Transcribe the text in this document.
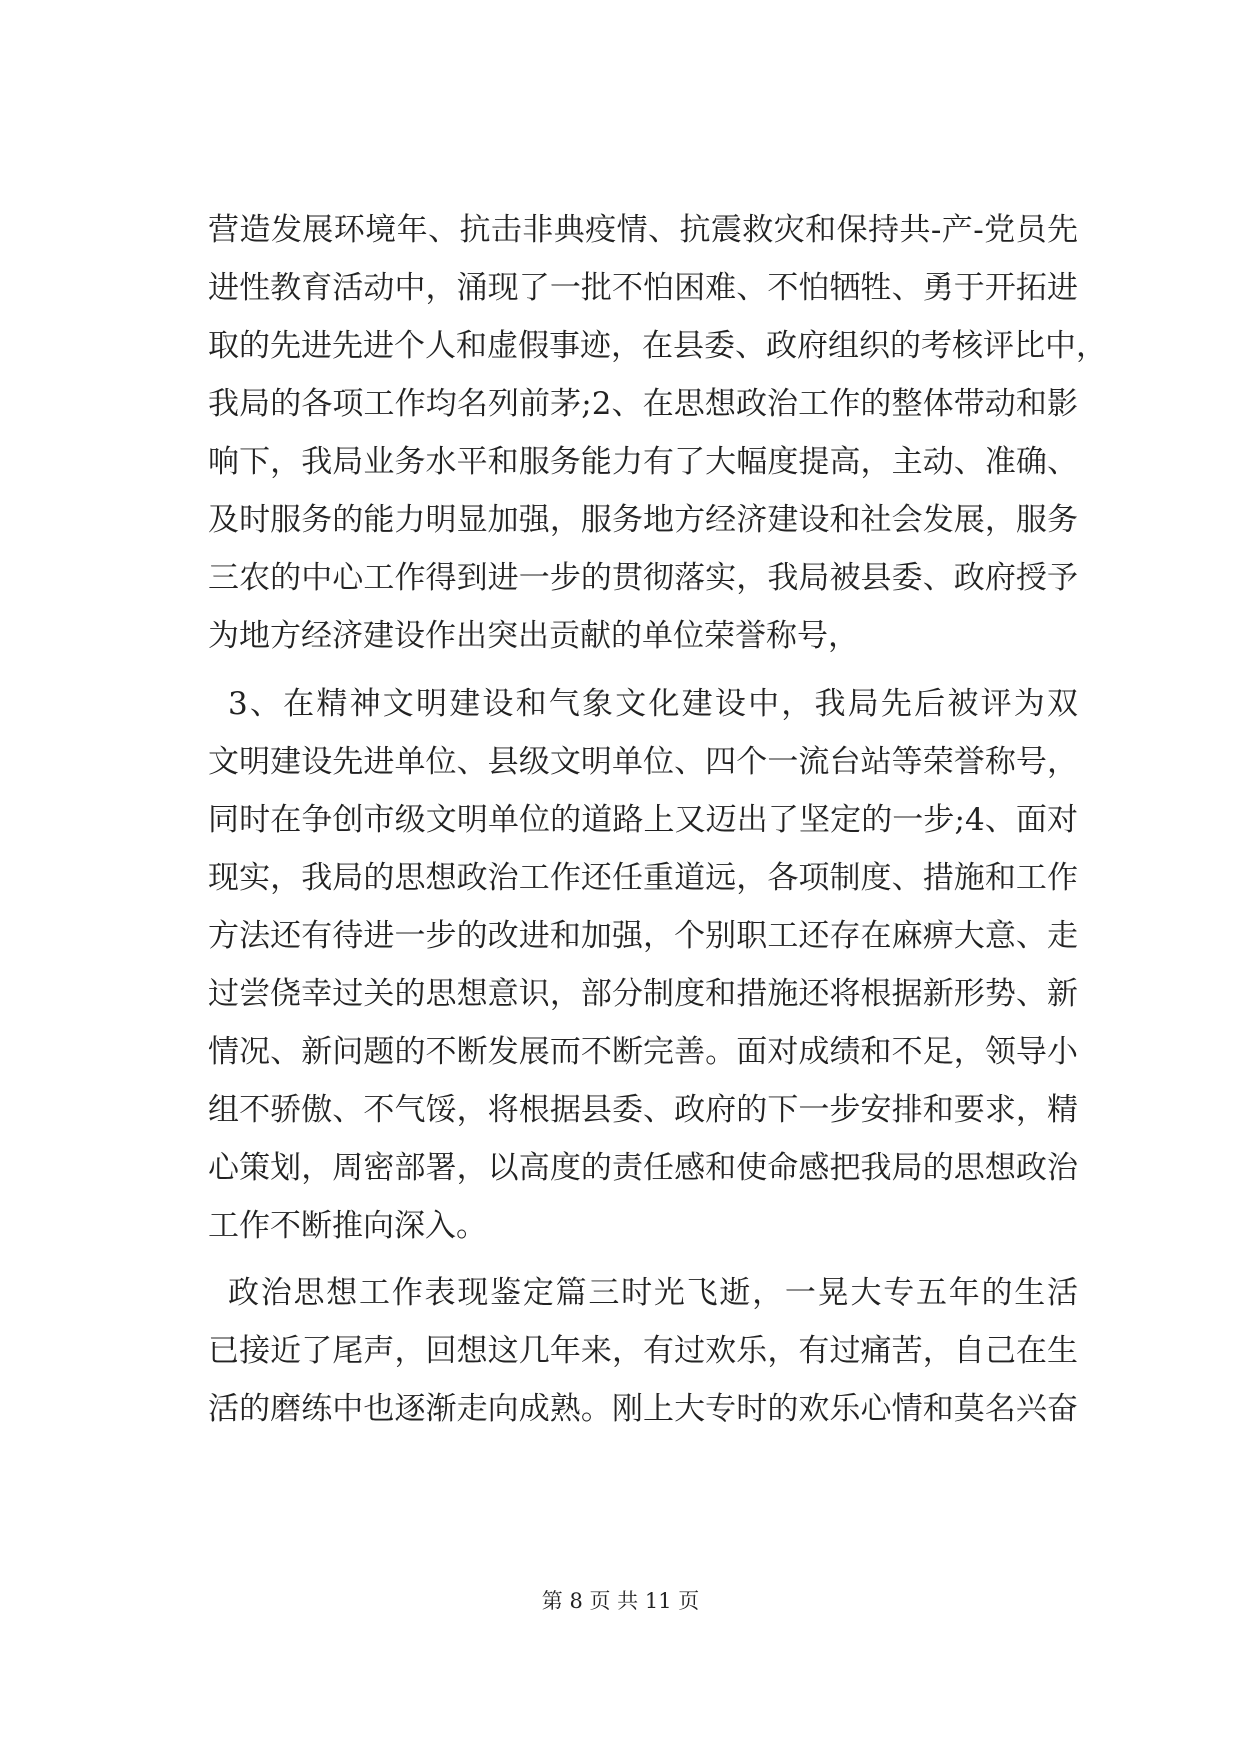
营造发展环境年、抗击非典疫情、抗震救灾和保持共-产-党员先
进性教育活动中，涌现了一批不怕困难、不怕牺牲、勇于开拓进
取的先进先进个人和虚假事迹，在县委、政府组织的考核评比中，
我局的各项工作均名列前茅;2、在思想政治工作的整体带动和影
响下，我局业务水平和服务能力有了大幅度提高，主动、准确、
及时服务的能力明显加强，服务地方经济建设和社会发展，服务
三农的中心工作得到进一步的贯彻落实，我局被县委、政府授予
为地方经济建设作出突出贡献的单位荣誉称号，
3、在精神文明建设和气象文化建设中，我局先后被评为双
文明建设先进单位、县级文明单位、四个一流台站等荣誉称号，
同时在争创市级文明单位的道路上又迈出了坚定的一步;4、面对
现实，我局的思想政治工作还任重道远，各项制度、措施和工作
方法还有待进一步的改进和加强，个别职工还存在麻痹大意、走
过尝侥幸过关的思想意识，部分制度和措施还将根据新形势、新
情况、新问题的不断发展而不断完善。面对成绩和不足，领导小
组不骄傲、不气馁，将根据县委、政府的下一步安排和要求，精
心策划，周密部署，以高度的责任感和使命感把我局的思想政治
工作不断推向深入。
政治思想工作表现鉴定篇三时光飞逝，一晃大专五年的生活
已接近了尾声，回想这几年来，有过欢乐，有过痛苦，自己在生
活的磨练中也逐渐走向成熟。刚上大专时的欢乐心情和莫名兴奋
第 8 页 共 11 页
